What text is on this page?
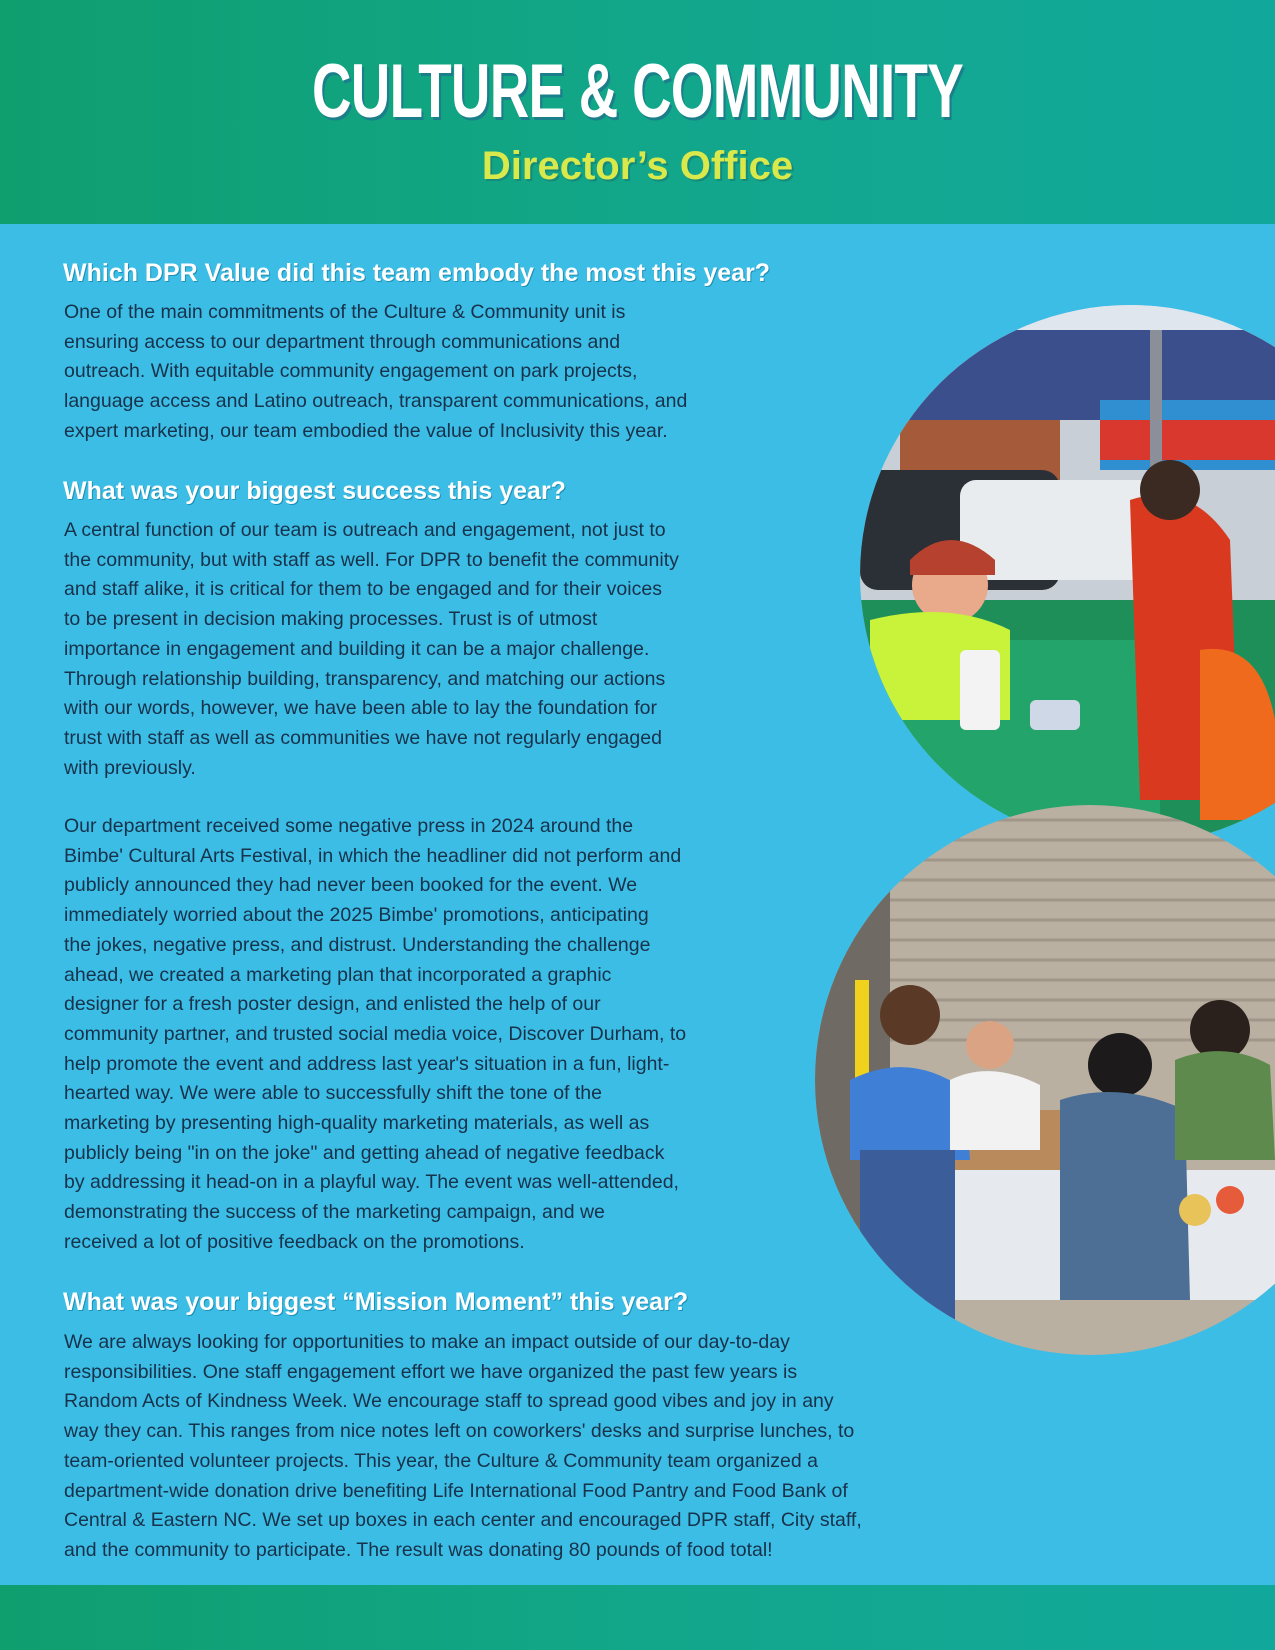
CULTURE & COMMUNITY
Director’s Office
Which DPR Value did this team embody the most this year?
One of the main commitments of the Culture & Community unit is
ensuring access to our department through communications and
outreach. With equitable community engagement on park projects,
language access and Latino outreach, transparent communications, and
expert marketing, our team embodied the value of Inclusivity this year.
What was your biggest success this year?
A central function of our team is outreach and engagement, not just to
the community, but with staff as well. For DPR to benefit the community
and staff alike, it is critical for them to be engaged and for their voices
to be present in decision making processes. Trust is of utmost
importance in engagement and building it can be a major challenge.
Through relationship building, transparency, and matching our actions
with our words, however, we have been able to lay the foundation for
trust with staff as well as communities we have not regularly engaged
with previously.
Our department received some negative press in 2024 around the
Bimbe' Cultural Arts Festival, in which the headliner did not perform and
publicly announced they had never been booked for the event. We
immediately worried about the 2025 Bimbe' promotions, anticipating
the jokes, negative press, and distrust. Understanding the challenge
ahead, we created a marketing plan that incorporated a graphic
designer for a fresh poster design, and enlisted the help of our
community partner, and trusted social media voice, Discover Durham, to
help promote the event and address last year's situation in a fun, light-
hearted way. We were able to successfully shift the tone of the
marketing by presenting high-quality marketing materials, as well as
publicly being "in on the joke" and getting ahead of negative feedback
by addressing it head-on in a playful way. The event was well-attended,
demonstrating the success of the marketing campaign, and we
received a lot of positive feedback on the promotions.
What was your biggest “Mission Moment” this year?
We are always looking for opportunities to make an impact outside of our day-to-day
responsibilities. One staff engagement effort we have organized the past few years is
Random Acts of Kindness Week. We encourage staff to spread good vibes and joy in any
way they can. This ranges from nice notes left on coworkers' desks and surprise lunches, to
team-oriented volunteer projects. This year, the Culture & Community team organized a
department-wide donation drive benefiting Life International Food Pantry and Food Bank of
Central & Eastern NC. We set up boxes in each center and encouraged DPR staff, City staff,
and the community to participate. The result was donating 80 pounds of food total!
